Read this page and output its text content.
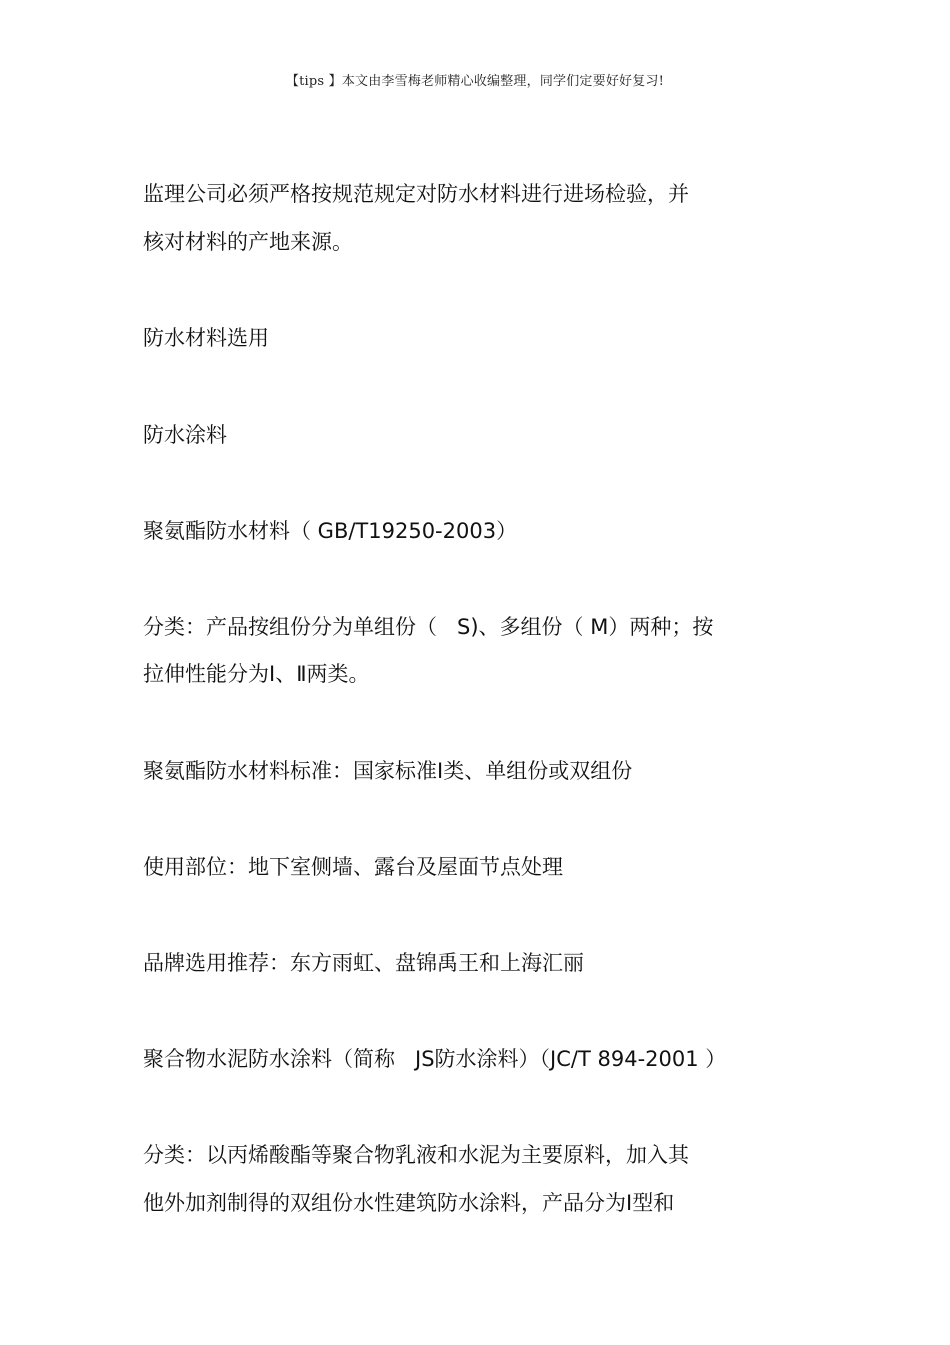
【tips 】本文由李雪梅老师精心收编整理，同学们定要好好复习!
监理公司必须严格按规范规定对防水材料进行进场检验，并
核对材料的产地来源。
防水材料选用
防水涂料
聚氨酯防水材料（ GB/T19250-2003）
分类：产品按组份分为单组份（   S)、多组份（ M）两种；按
拉伸性能分为Ⅰ、Ⅱ两类。
聚氨酯防水材料标准：国家标准Ⅰ类、单组份或双组份
使用部位：地下室侧墙、露台及屋面节点处理
品牌选用推荐：东方雨虹、盘锦禹王和上海汇丽
聚合物水泥防水涂料（简称   JS防水涂料）（JC/T 894-2001 ）
分类：以丙烯酸酯等聚合物乳液和水泥为主要原料，加入其
他外加剂制得的双组份水性建筑防水涂料，产品分为Ⅰ型和
